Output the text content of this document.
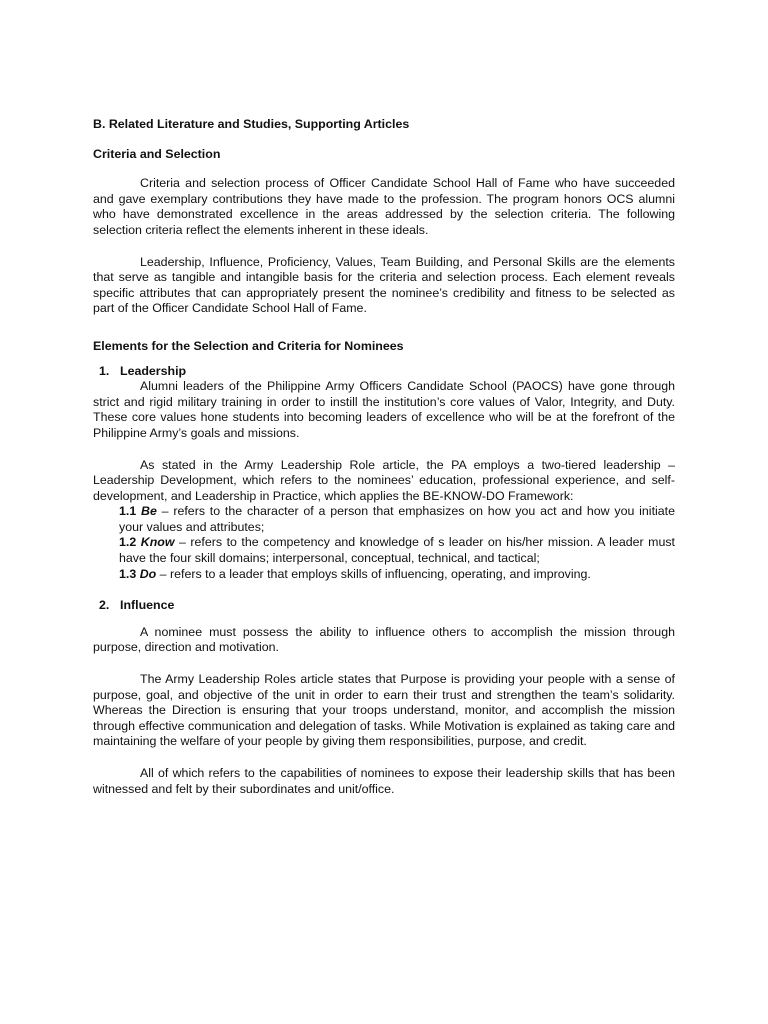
B. Related Literature and Studies, Supporting Articles

Criteria and Selection

Criteria and selection process of Officer Candidate School Hall of Fame who have succeeded and gave exemplary contributions they have made to the profession. The program honors OCS alumni who have demonstrated excellence in the areas addressed by the selection criteria. The following selection criteria reflect the elements inherent in these ideals.

Leadership, Influence, Proficiency, Values, Team Building, and Personal Skills are the elements that serve as tangible and intangible basis for the criteria and selection process. Each element reveals specific attributes that can appropriately present the nominee’s credibility and fitness to be selected as part of the Officer Candidate School Hall of Fame.

Elements for the Selection and Criteria for Nominees

1. Leadership

Alumni leaders of the Philippine Army Officers Candidate School (PAOCS) have gone through strict and rigid military training in order to instill the institution’s core values of Valor, Integrity, and Duty. These core values hone students into becoming leaders of excellence who will be at the forefront of the Philippine Army’s goals and missions.

As stated in the Army Leadership Role article, the PA employs a two-tiered leadership – Leadership Development, which refers to the nominees’ education, professional experience, and self-development, and Leadership in Practice, which applies the BE-KNOW-DO Framework:

1.1 Be – refers to the character of a person that emphasizes on how you act and how you initiate your values and attributes;

1.2 Know – refers to the competency and knowledge of s leader on his/her mission. A leader must have the four skill domains; interpersonal, conceptual, technical, and tactical;

1.3 Do – refers to a leader that employs skills of influencing, operating, and improving.

2. Influence

A nominee must possess the ability to influence others to accomplish the mission through purpose, direction and motivation.

The Army Leadership Roles article states that Purpose is providing your people with a sense of purpose, goal, and objective of the unit in order to earn their trust and strengthen the team’s solidarity. Whereas the Direction is ensuring that your troops understand, monitor, and accomplish the mission through effective communication and delegation of tasks. While Motivation is explained as taking care and maintaining the welfare of your people by giving them responsibilities, purpose, and credit.

All of which refers to the capabilities of nominees to expose their leadership skills that has been witnessed and felt by their subordinates and unit/office.
